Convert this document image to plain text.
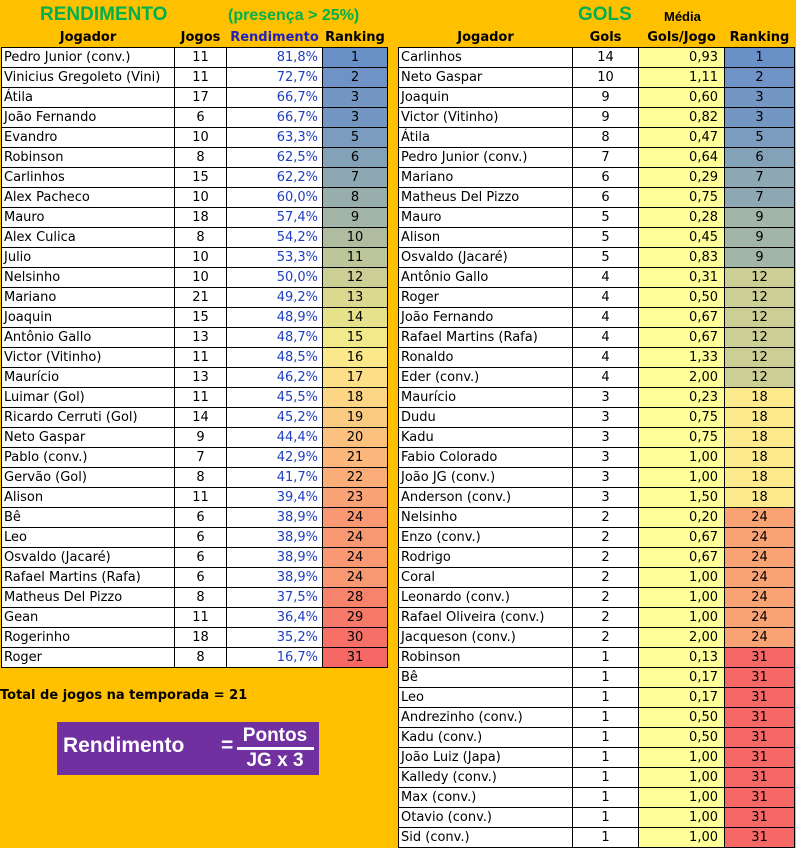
RENDIMENTO	(presença > 25%)	GOLS Média
Jogador	Jogos	Rendimento	Ranking
Pedro Junior (conv.)	11	81,8%	1
Vinicius Gregoleto (Vini)	11	72,7%	2
Átila	17	66,7%	3
João Fernando	6	66,7%	3
Evandro	10	63,3%	5
Robinson	8	62,5%	6
Carlinhos	15	62,2%	7
Alex Pacheco	10	60,0%	8
Mauro	18	57,4%	9
Alex Culica	8	54,2%	10
Julio	10	53,3%	11
Nelsinho	10	50,0%	12
Mariano	21	49,2%	13
Joaquin	15	48,9%	14
Antônio Gallo	13	48,7%	15
Victor (Vitinho)	11	48,5%	16
Maurício	13	46,2%	17
Luimar (Gol)	11	45,5%	18
Ricardo Cerruti (Gol)	14	45,2%	19
Neto Gaspar	9	44,4%	20
Pablo (conv.)	7	42,9%	21
Gervão (Gol)	8	41,7%	22
Alison	11	39,4%	23
Bê	6	38,9%	24
Leo	6	38,9%	24
Osvaldo (Jacaré)	6	38,9%	24
Rafael Martins (Rafa)	6	38,9%	24
Matheus Del Pizzo	8	37,5%	28
Gean	11	36,4%	29
Rogerinho	18	35,2%	30
Roger	8	16,7%	31
Jogador	Gols	Gols/Jogo	Ranking
Carlinhos	14	0,93	1
Neto Gaspar	10	1,11	2
Joaquin	9	0,60	3
Victor (Vitinho)	9	0,82	3
Átila	8	0,47	5
Pedro Junior (conv.)	7	0,64	6
Mariano	6	0,29	7
Matheus Del Pizzo	6	0,75	7
Mauro	5	0,28	9
Alison	5	0,45	9
Osvaldo (Jacaré)	5	0,83	9
Antônio Gallo	4	0,31	12
Roger	4	0,50	12
João Fernando	4	0,67	12
Rafael Martins (Rafa)	4	0,67	12
Ronaldo	4	1,33	12
Eder (conv.)	4	2,00	12
Maurício	3	0,23	18
Dudu	3	0,75	18
Kadu	3	0,75	18
Fabio Colorado	3	1,00	18
João JG (conv.)	3	1,00	18
Anderson (conv.)	3	1,50	18
Nelsinho	2	0,20	24
Enzo (conv.)	2	0,67	24
Rodrigo	2	0,67	24
Coral	2	1,00	24
Leonardo (conv.)	2	1,00	24
Rafael Oliveira (conv.)	2	1,00	24
Jacqueson (conv.)	2	2,00	24
Robinson	1	0,13	31
Bê	1	0,17	31
Leo	1	0,17	31
Andrezinho (conv.)	1	0,50	31
Kadu (conv.)	1	0,50	31
João Luiz (Japa)	1	1,00	31
Kalledy (conv.)	1	1,00	31
Max (conv.)	1	1,00	31
Otavio (conv.)	1	1,00	31
Sid (conv.)	1	1,00	31
Total de jogos na temporada = 21
Rendimento = Pontos
JG x 3
